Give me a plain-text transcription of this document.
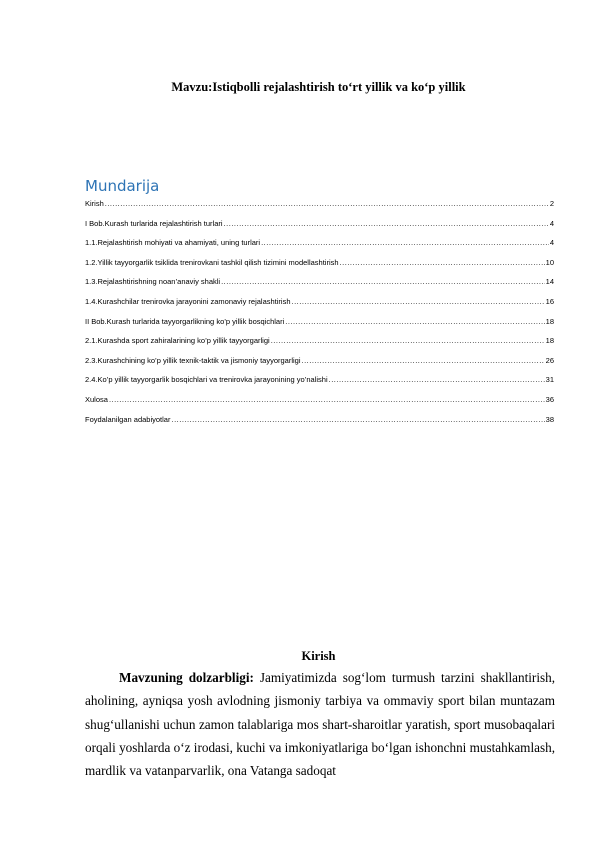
Mavzu:Istiqbolli rejalashtirish to‘rt yillik va ko‘p yillik
Mundarija
Kirish .....	2
I Bob.Kurash turlarida rejalashtirish turlari .....	4
1.1.Rejalashtirish mohiyati va ahamiyati, uning turlari .....	4
1.2.Yillik tayyorgarlik tsiklida trenirovkani tashkil qilish tizimini modellashtirish .....	10
1.3.Rejalashtirishning noan’anaviy shakli .....	14
1.4.Kurashchilar trenirovka jarayonini zamonaviy rejalashtirish .....	16
II Bob.Kurash turlarida tayyorgarlikning ko’p yillik bosqichlari .....	18
2.1.Kurashda sport zahiralarining ko’p yillik tayyorgarligi .....	18
2.3.Kurashchining ko’p yillik texnik-taktik va jismoniy tayyorgarligi .....	26
2.4.Ko’p yillik tayyorgarlik bosqichlari va trenirovka jarayonining yo’nalishi .....	31
Xulosa .....	36
Foydalanilgan adabiyotlar .....	38
Kirish

Mavzuning dolzarbligi: Jamiyatimizda sog‘lom turmush tarzini shakllantirish, aholining, ayniqsa yosh avlodning jismoniy tarbiya va ommaviy sport bilan muntazam shug‘ullanishi uchun zamon talablariga mos shart-sharoitlar yaratish, sport musobaqalari orqali yoshlarda o‘z irodasi, kuchi va imkoniyatlariga bo‘lgan ishonchni mustahkamlash, mardlik va vatanparvarlik, ona Vatanga sadoqat
